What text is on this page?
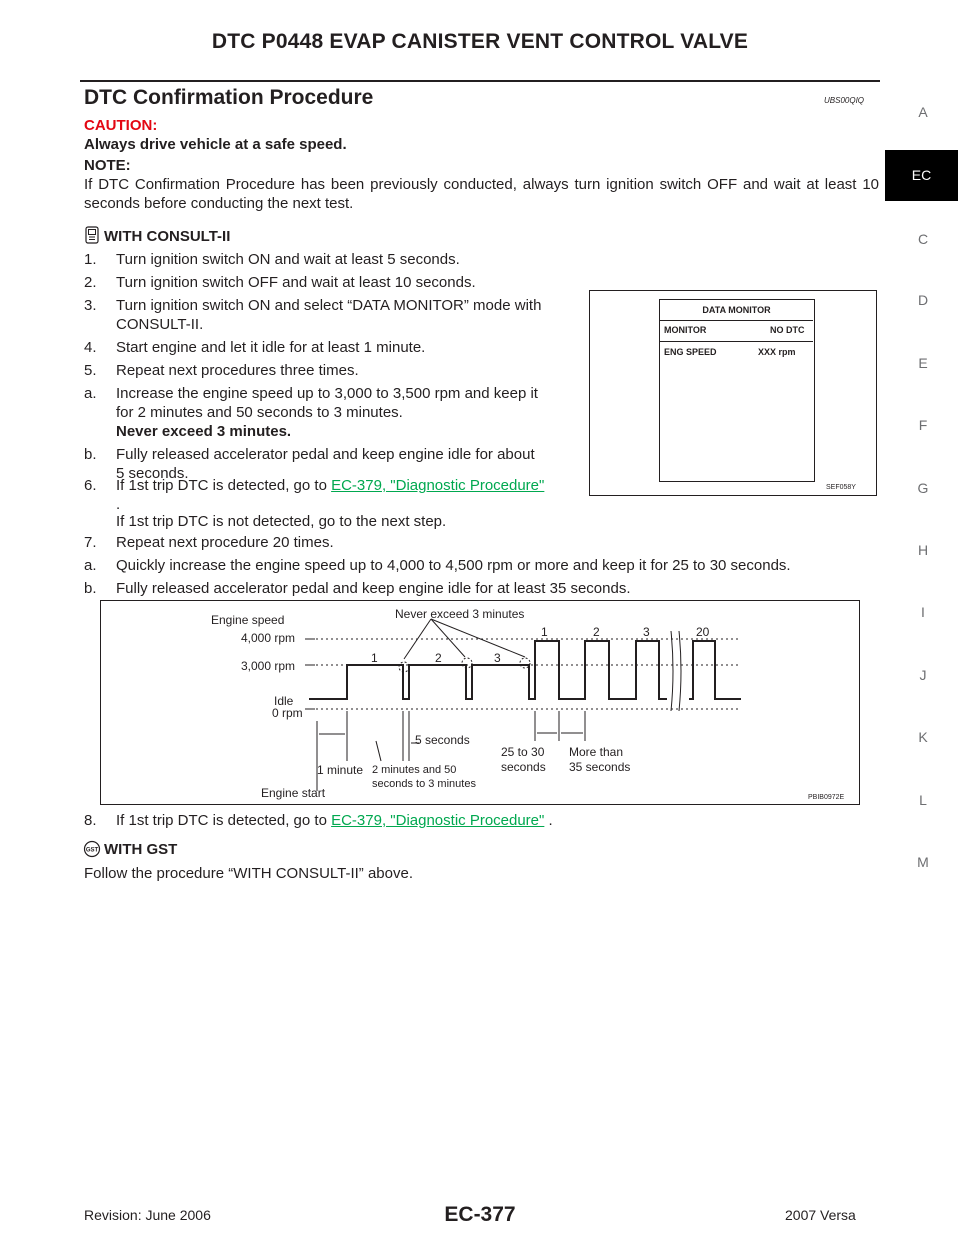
DTC P0448 EVAP CANISTER VENT CONTROL VALVE
DTC Confirmation Procedure	UBS00QIQ
CAUTION:
Always drive vehicle at a safe speed.
NOTE:
If DTC Confirmation Procedure has been previously conducted, always turn ignition switch OFF and wait at least 10 seconds before conducting the next test.
WITH CONSULT-II
1. Turn ignition switch ON and wait at least 5 seconds.
2. Turn ignition switch OFF and wait at least 10 seconds.
3. Turn ignition switch ON and select “DATA MONITOR” mode with
CONSULT-II.
4. Start engine and let it idle for at least 1 minute.
5. Repeat next procedures three times.
a. Increase the engine speed up to 3,000 to 3,500 rpm and keep it
for 2 minutes and 50 seconds to 3 minutes.
Never exceed 3 minutes.
b. Fully released accelerator pedal and keep engine idle for about
5 seconds.
6. If 1st trip DTC is detected, go to EC-379, "Diagnostic Procedure"
.
If 1st trip DTC is not detected, go to the next step.
7. Repeat next procedure 20 times.
a. Quickly increase the engine speed up to 4,000 to 4,500 rpm or more and keep it for 25 to 30 seconds.
b. Fully released accelerator pedal and keep engine idle for at least 35 seconds.
DATA MONITOR
MONITOR	NO DTC
ENG SPEED	XXX rpm
SEF058Y
Engine speed
4,000 rpm
3,000 rpm
Idle
0 rpm
Never exceed 3 minutes
1	2	3
1	2	3	20
5 seconds
25 to 30
seconds
More than
35 seconds
1 minute 2 minutes and 50
seconds to 3 minutes
Engine start	PBIB0972E
8. If 1st trip DTC is detected, go to EC-379, "Diagnostic Procedure" .
GST WITH GST
Follow the procedure “WITH CONSULT-II” above.
A
EC
C
D
E
F
G
H
I
J
K
L
M
Revision: June 2006	EC-377	2007 Versa
